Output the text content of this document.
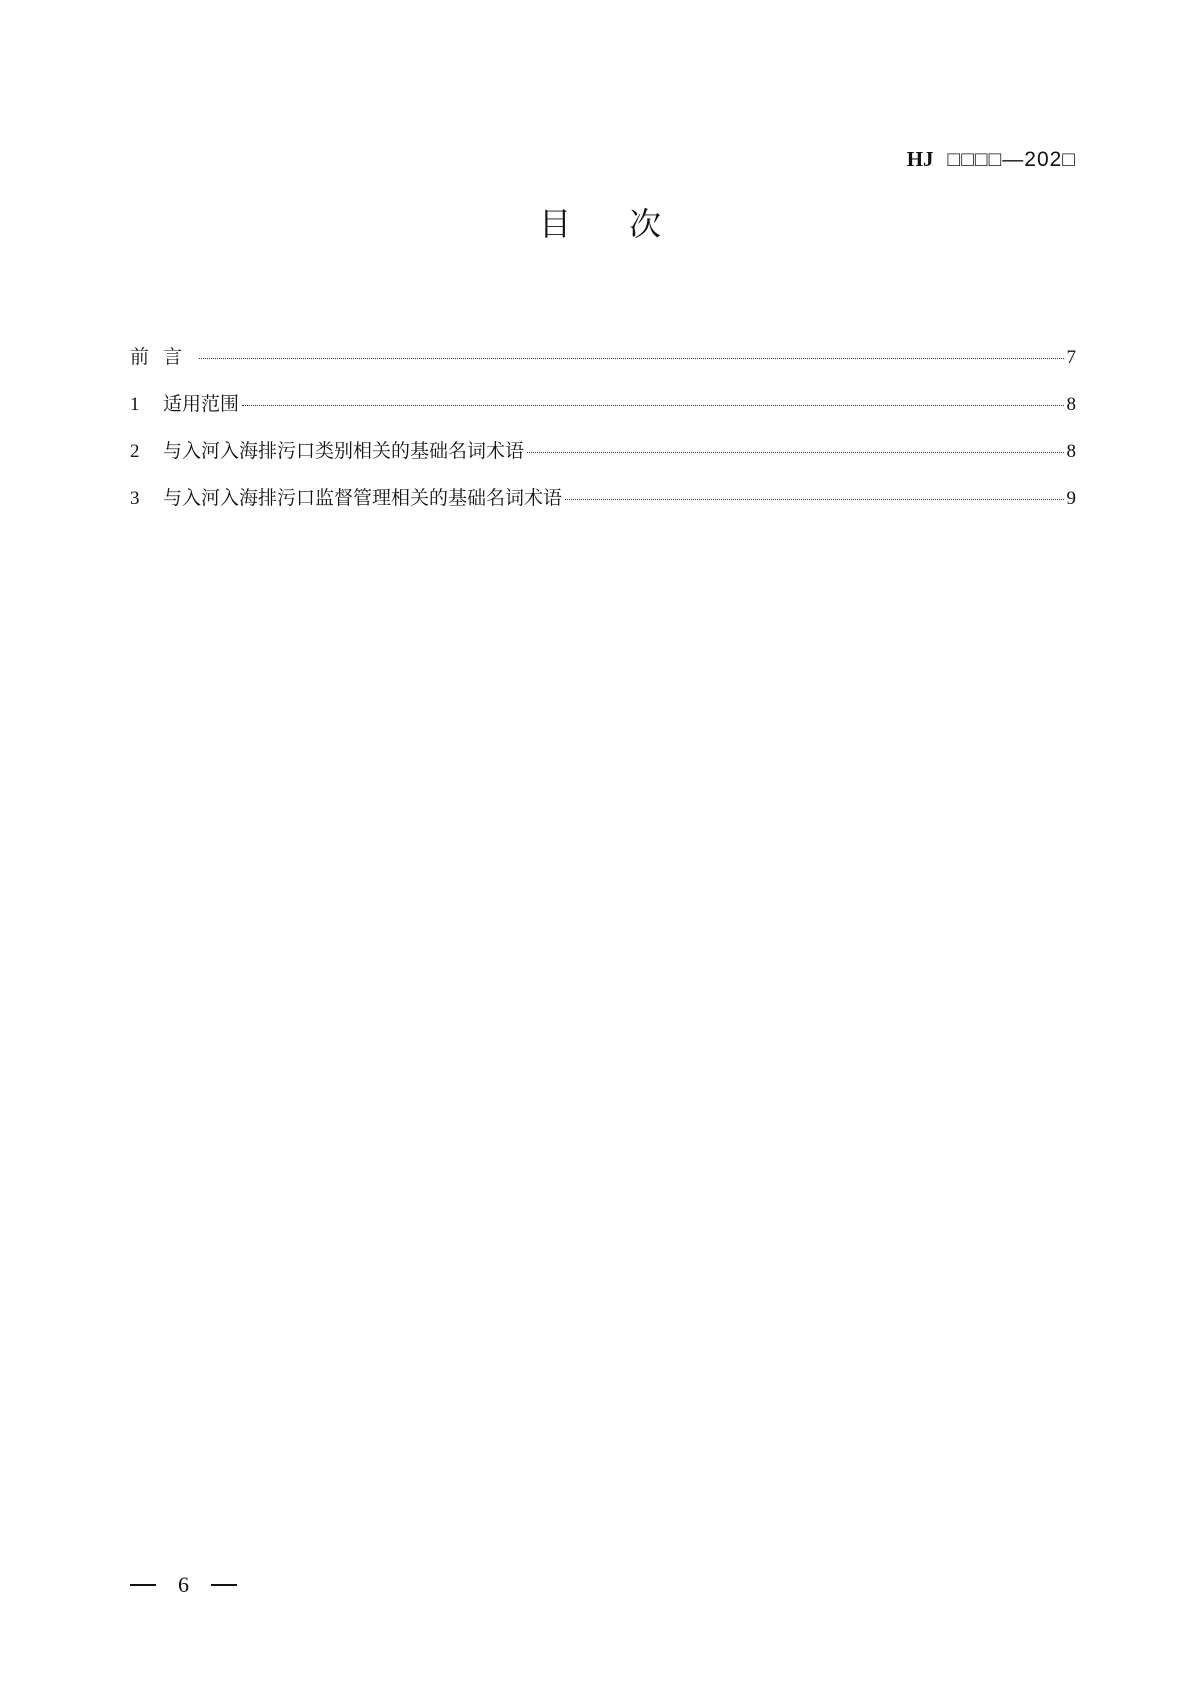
HJ □□□□—202□
目 次
前言	7
1	适用范围	8
2	与入河入海排污口类别相关的基础名词术语	8
3	与入河入海排污口监督管理相关的基础名词术语	9
6
